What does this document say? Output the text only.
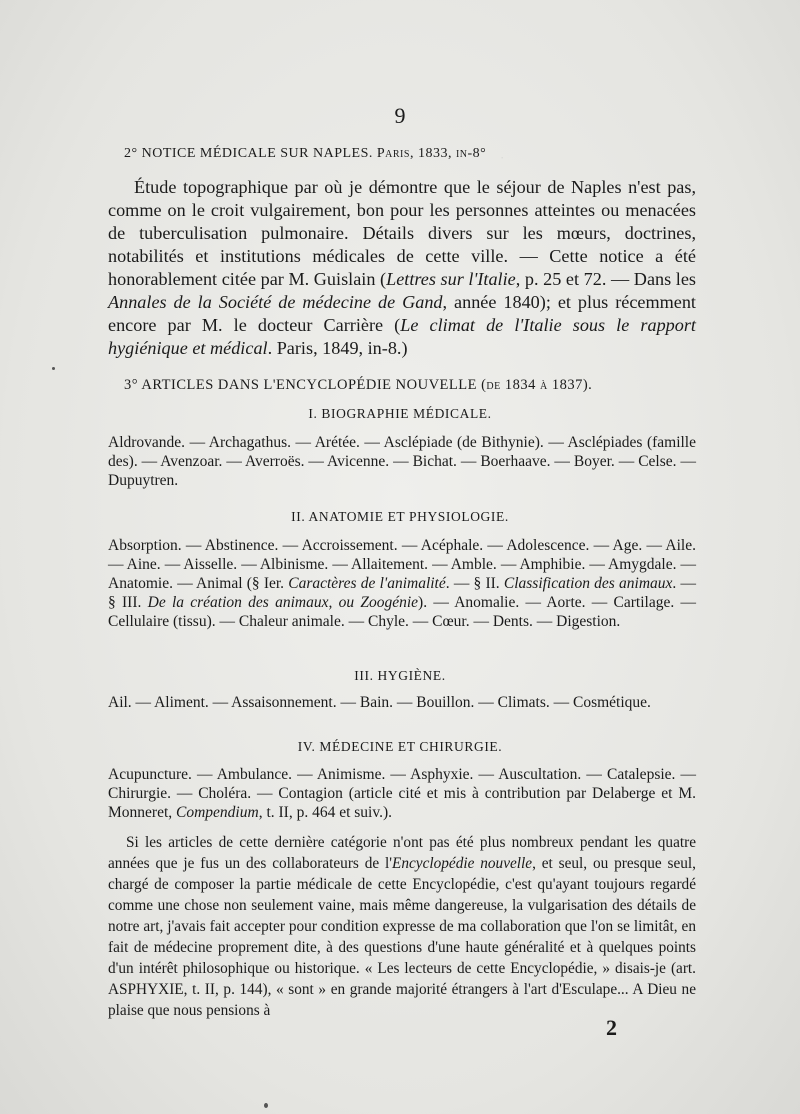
·
9
2° NOTICE MÉDICALE SUR NAPLES. Paris, 1833, in-8°
Étude topographique par où je démontre que le séjour de Naples n'est pas, comme on le croit vulgairement, bon pour les personnes atteintes ou menacées de tuberculisation pulmonaire. Détails divers sur les mœurs, doctrines, notabilités et institutions médicales de cette ville. — Cette notice a été honorablement citée par M. Guislain (Lettres sur l'Italie, p. 25 et 72. — Dans les Annales de la Société de médecine de Gand, année 1840); et plus récemment encore par M. le docteur Carrière (Le climat de l'Italie sous le rapport hygiénique et médical. Paris, 1849, in-8.)
3° ARTICLES DANS L'ENCYCLOPÉDIE NOUVELLE (de 1834 à 1837).
I. BIOGRAPHIE MÉDICALE.
Aldrovande. — Archagathus. — Arétée. — Asclépiade (de Bithynie). — Asclépiades (famille des). — Avenzoar. — Averroës. — Avicenne. — Bichat. — Boerhaave. — Boyer. — Celse. — Dupuytren.
II. ANATOMIE ET PHYSIOLOGIE.
Absorption. — Abstinence. — Accroissement. — Acéphale. — Adolescence. — Age. — Aile. — Aine. — Aisselle. — Albinisme. — Allaitement. — Amble. — Amphibie. — Amygdale. — Anatomie. — Animal (§ Ier. Caractères de l'animalité. — § II. Classification des animaux. — § III. De la création des animaux, ou Zoogénie). — Anomalie. — Aorte. — Cartilage. — Cellulaire (tissu). — Chaleur animale. — Chyle. — Cœur. — Dents. — Digestion.
III. HYGIÈNE.
Ail. — Aliment. — Assaisonnement. — Bain. — Bouillon. — Climats. — Cosmétique.
IV. MÉDECINE ET CHIRURGIE.
Acupuncture. — Ambulance. — Animisme. — Asphyxie. — Auscultation. — Catalepsie. — Chirurgie. — Choléra. — Contagion (article cité et mis à contribution par Delaberge et M. Monneret, Compendium, t. II, p. 464 et suiv.).
Si les articles de cette dernière catégorie n'ont pas été plus nombreux pendant les quatre années que je fus un des collaborateurs de l'Encyclopédie nouvelle, et seul, ou presque seul, chargé de composer la partie médicale de cette Encyclopédie, c'est qu'ayant toujours regardé comme une chose non seulement vaine, mais même dangereuse, la vulgarisation des détails de notre art, j'avais fait accepter pour condition expresse de ma collaboration que l'on se limitât, en fait de médecine proprement dite, à des questions d'une haute généralité et à quelques points d'un intérêt philosophique ou historique. « Les lecteurs de cette Encyclopédie, » disais-je (art. ASPHYXIE, t. II, p. 144), « sont » en grande majorité étrangers à l'art d'Esculape... A Dieu ne plaise que nous pensions à
2
